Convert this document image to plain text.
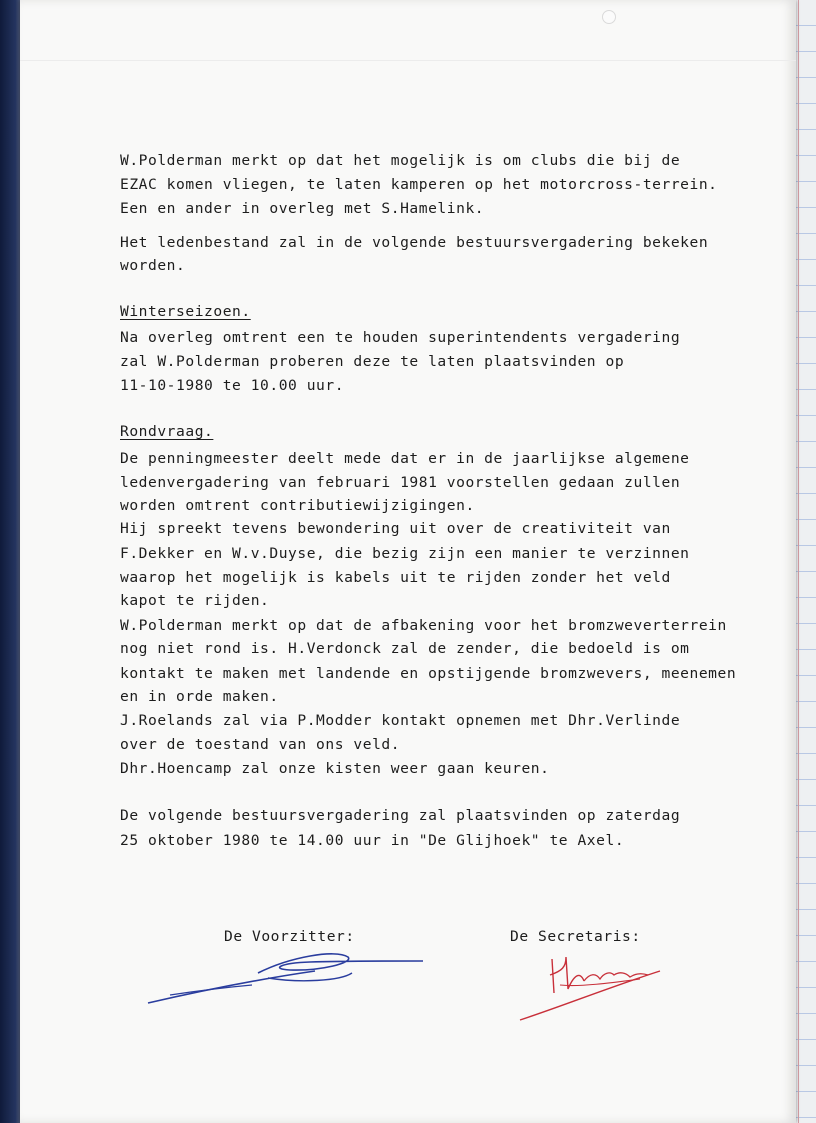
W.Polderman merkt op dat het mogelijk is om clubs die bij de

EZAC komen vliegen, te laten kamperen op het motorcross-terrein.

Een en ander in overleg met S.Hamelink.

Het ledenbestand zal in de volgende bestuursvergadering bekeken

worden.

Winterseizoen.

Na overleg omtrent een te houden superintendents vergadering

zal W.Polderman proberen deze te laten plaatsvinden op

11-10-1980 te 10.00 uur.

Rondvraag.

De penningmeester deelt mede dat er in de jaarlijkse algemene

ledenvergadering van februari 1981 voorstellen gedaan zullen

worden omtrent contributiewijzigingen.

Hij spreekt tevens bewondering uit over de creativiteit van

F.Dekker en W.v.Duyse, die bezig zijn een manier te verzinnen

waarop het mogelijk is kabels uit te rijden zonder het veld

kapot te rijden.

W.Polderman merkt op dat de afbakening voor het bromzweverterrein

nog niet rond is. H.Verdonck zal de zender, die bedoeld is om

kontakt te maken met landende en opstijgende bromzwevers, meenemen

en in orde maken.

J.Roelands zal via P.Modder kontakt opnemen met Dhr.Verlinde

over de toestand van ons veld.

Dhr.Hoencamp zal onze kisten weer gaan keuren.

De volgende bestuursvergadering zal plaatsvinden op zaterdag

25 oktober 1980 te 14.00 uur in "De Glijhoek" te Axel.

De Voorzitter:	De Secretaris:
